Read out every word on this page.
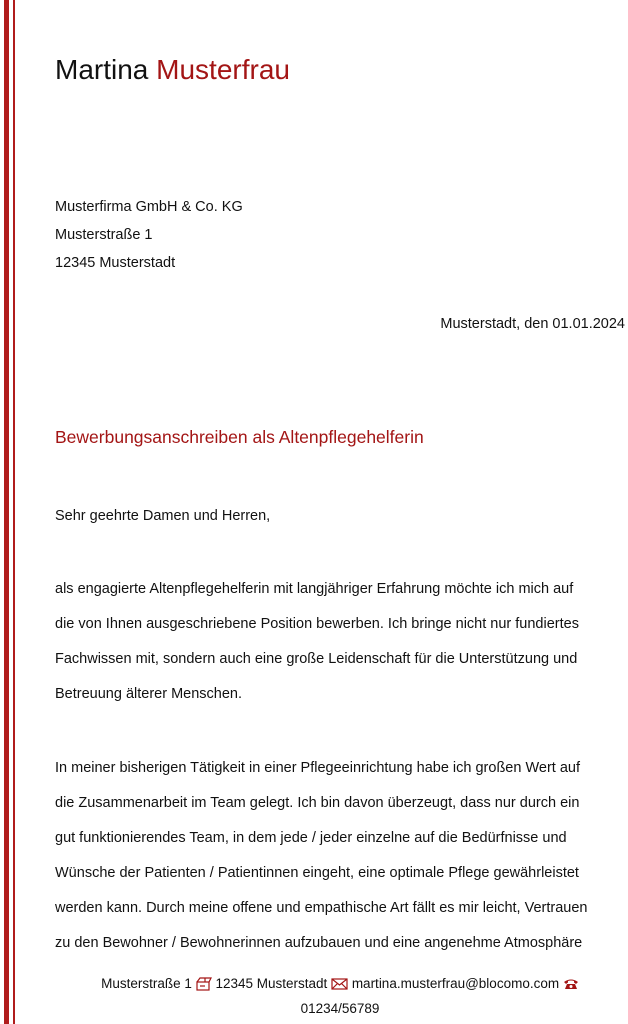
Martina Musterfrau
Musterfirma GmbH & Co. KG
Musterstraße 1
12345 Musterstadt
Musterstadt, den 01.01.2024
Bewerbungsanschreiben als Altenpflegehelferin
Sehr geehrte Damen und Herren,
als engagierte Altenpflegehelferin mit langjähriger Erfahrung möchte ich mich auf
die von Ihnen ausgeschriebene Position bewerben. Ich bringe nicht nur fundiertes
Fachwissen mit, sondern auch eine große Leidenschaft für die Unterstützung und
Betreuung älterer Menschen.
In meiner bisherigen Tätigkeit in einer Pflegeeinrichtung habe ich großen Wert auf
die Zusammenarbeit im Team gelegt. Ich bin davon überzeugt, dass nur durch ein
gut funktionierendes Team, in dem jede / jeder einzelne auf die Bedürfnisse und
Wünsche der Patienten / Patientinnen eingeht, eine optimale Pflege gewährleistet
werden kann. Durch meine offene und empathische Art fällt es mir leicht, Vertrauen
zu den Bewohner / Bewohnerinnen aufzubauen und eine angenehme Atmosphäre
Musterstraße 1 12345 Musterstadt martina.musterfrau@blocomo.com
01234/56789
